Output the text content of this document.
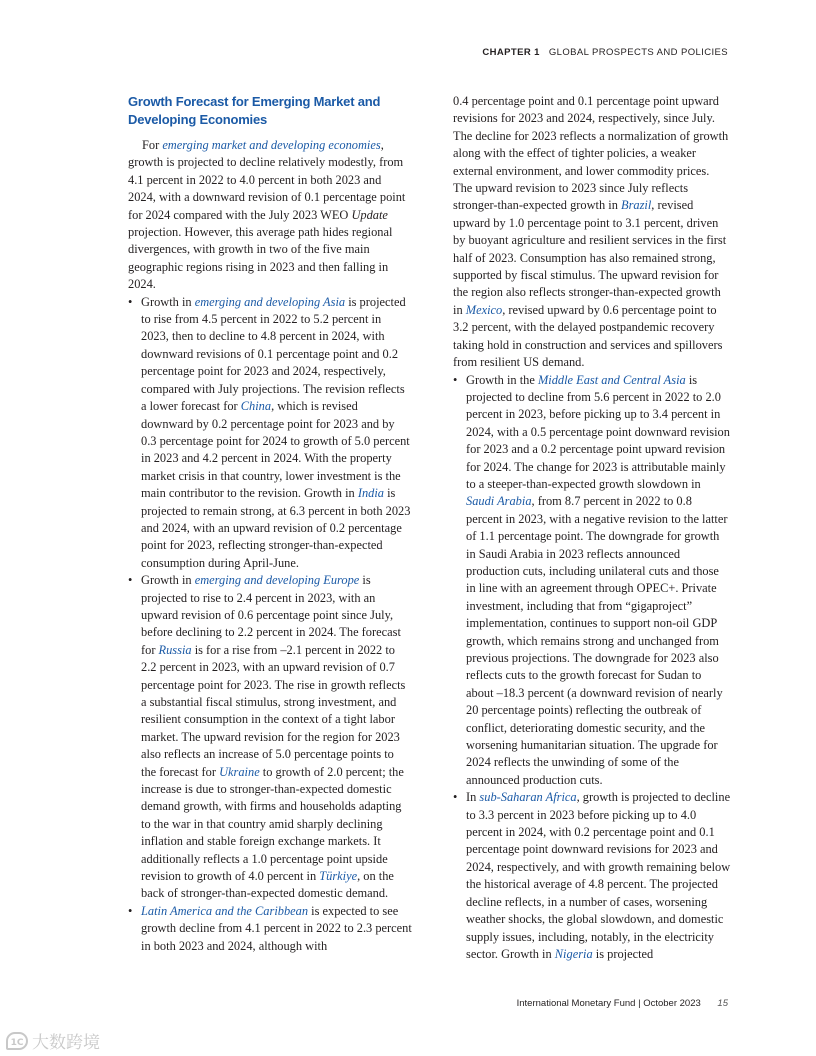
CHAPTER 1 GLOBAL PROSPECTS AND POLICIES
Growth Forecast for Emerging Market and Developing Economies

For emerging market and developing economies, growth is projected to decline relatively modestly, from 4.1 percent in 2022 to 4.0 percent in both 2023 and 2024, with a downward revision of 0.1 percentage point for 2024 compared with the July 2023 WEO Update projection. However, this average path hides regional divergences, with growth in two of the five main geographic regions rising in 2023 and then falling in 2024.

• Growth in emerging and developing Asia is projected to rise from 4.5 percent in 2022 to 5.2 percent in 2023, then to decline to 4.8 percent in 2024, with downward revisions of 0.1 percentage point and 0.2 percentage point for 2023 and 2024, respectively, compared with July projections. The revision reflects a lower forecast for China, which is revised downward by 0.2 percentage point for 2023 and by 0.3 percentage point for 2024 to growth of 5.0 percent in 2023 and 4.2 percent in 2024. With the property market crisis in that country, lower investment is the main contributor to the revision. Growth in India is projected to remain strong, at 6.3 percent in both 2023 and 2024, with an upward revision of 0.2 percentage point for 2023, reflecting stronger-than-expected consumption during April-June.
• Growth in emerging and developing Europe is projected to rise to 2.4 percent in 2023, with an upward revision of 0.6 percentage point since July, before declining to 2.2 percent in 2024. The forecast for Russia is for a rise from –2.1 percent in 2022 to 2.2 percent in 2023, with an upward revision of 0.7 percentage point for 2023. The rise in growth reflects a substantial fiscal stimulus, strong investment, and resilient consumption in the context of a tight labor market. The upward revision for the region for 2023 also reflects an increase of 5.0 percentage points to the forecast for Ukraine to growth of 2.0 percent; the increase is due to stronger-than-expected domestic demand growth, with firms and households adapting to the war in that country amid sharply declining inflation and stable foreign exchange markets. It additionally reflects a 1.0 percentage point upside revision to growth of 4.0 percent in Türkiye, on the back of stronger-than-expected domestic demand.
• Latin America and the Caribbean is expected to see growth decline from 4.1 percent in 2022 to 2.3 percent in both 2023 and 2024, although with

0.4 percentage point and 0.1 percentage point upward revisions for 2023 and 2024, respectively, since July. The decline for 2023 reflects a normalization of growth along with the effect of tighter policies, a weaker external environment, and lower commodity prices. The upward revision to 2023 since July reflects stronger-than-expected growth in Brazil, revised upward by 1.0 percentage point to 3.1 percent, driven by buoyant agriculture and resilient services in the first half of 2023. Consumption has also remained strong, supported by fiscal stimulus. The upward revision for the region also reflects stronger-than-expected growth in Mexico, revised upward by 0.6 percentage point to 3.2 percent, with the delayed postpandemic recovery taking hold in construction and services and spillovers from resilient US demand.

• Growth in the Middle East and Central Asia is projected to decline from 5.6 percent in 2022 to 2.0 percent in 2023, before picking up to 3.4 percent in 2024, with a 0.5 percentage point downward revision for 2023 and a 0.2 percentage point upward revision for 2024. The change for 2023 is attributable mainly to a steeper-than-expected growth slowdown in Saudi Arabia, from 8.7 percent in 2022 to 0.8 percent in 2023, with a negative revision to the latter of 1.1 percentage point. The downgrade for growth in Saudi Arabia in 2023 reflects announced production cuts, including unilateral cuts and those in line with an agreement through OPEC+. Private investment, including that from “gigaproject” implementation, continues to support non-oil GDP growth, which remains strong and unchanged from previous projections. The downgrade for 2023 also reflects cuts to the growth forecast for Sudan to about –18.3 percent (a downward revision of nearly 20 percentage points) reflecting the outbreak of conflict, deteriorating domestic security, and the worsening humanitarian situation. The upgrade for 2024 reflects the unwinding of some of the announced production cuts.
• In sub-Saharan Africa, growth is projected to decline to 3.3 percent in 2023 before picking up to 4.0 percent in 2024, with 0.2 percentage point and 0.1 percentage point downward revisions for 2023 and 2024, respectively, and with growth remaining below the historical average of 4.8 percent. The projected decline reflects, in a number of cases, worsening weather shocks, the global slowdown, and domestic supply issues, including, notably, in the electricity sector. Growth in Nigeria is projected
International Monetary Fund | October 2023 15
1C 大数跨境
